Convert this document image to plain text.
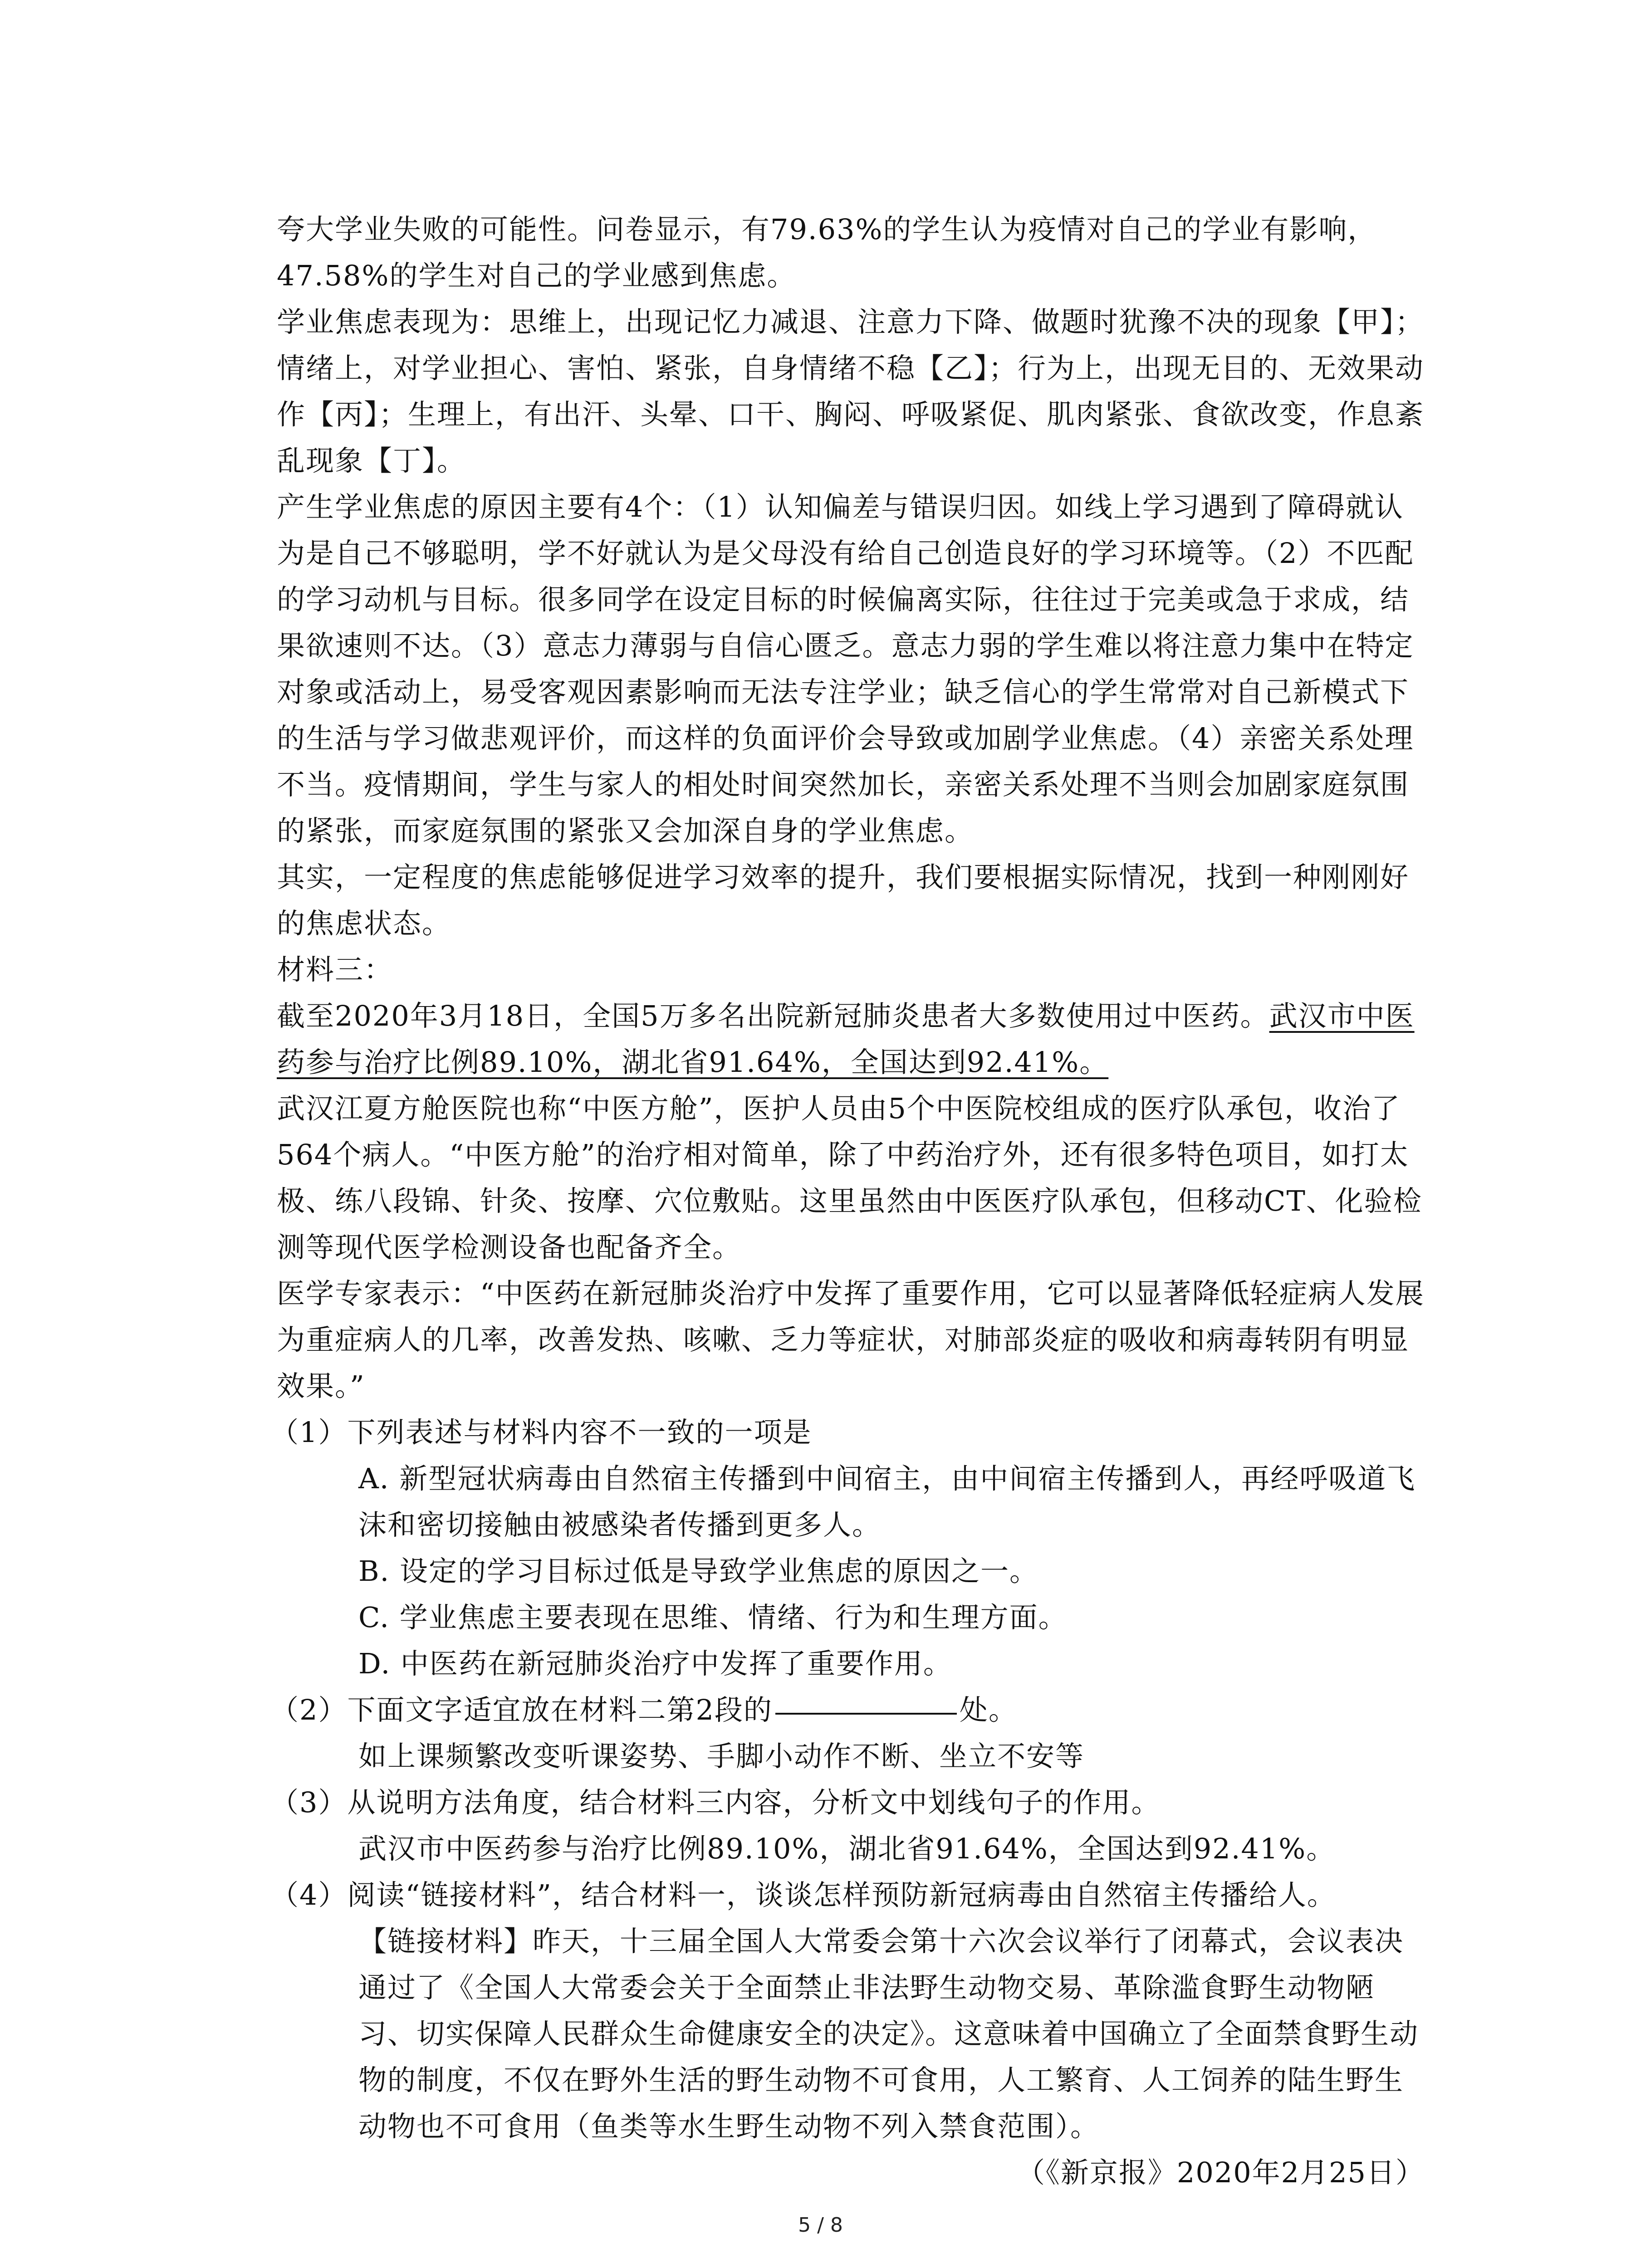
夸大学业失败的可能性。问卷显示，有79.63%的学生认为疫情对自己的学业有影响，47.58%的学生对自己的学业感到焦虑。

学业焦虑表现为：思维上，出现记忆力减退、注意力下降、做题时犹豫不决的现象【甲】；情绪上，对学业担心、害怕、紧张，自身情绪不稳【乙】；行为上，出现无目的、无效果动作【丙】；生理上，有出汗、头晕、口干、胸闷、呼吸紧促、肌肉紧张、食欲改变，作息紊乱现象【丁】。

产生学业焦虑的原因主要有4个：（1）认知偏差与错误归因。如线上学习遇到了障碍就认为是自己不够聪明，学不好就认为是父母没有给自己创造良好的学习环境等。（2）不匹配的学习动机与目标。很多同学在设定目标的时候偏离实际，往往过于完美或急于求成，结果欲速则不达。（3）意志力薄弱与自信心匮乏。意志力弱的学生难以将注意力集中在特定对象或活动上，易受客观因素影响而无法专注学业；缺乏信心的学生常常对自己新模式下的生活与学习做悲观评价，而这样的负面评价会导致或加剧学业焦虑。（4）亲密关系处理不当。疫情期间，学生与家人的相处时间突然加长，亲密关系处理不当则会加剧家庭氛围的紧张，而家庭氛围的紧张又会加深自身的学业焦虑。

其实，一定程度的焦虑能够促进学习效率的提升，我们要根据实际情况，找到一种刚刚好的焦虑状态。

材料三：

截至2020年3月18日，全国5万多名出院新冠肺炎患者大多数使用过中医药。武汉市中医药参与治疗比例89.10%，湖北省91.64%，全国达到92.41%。

武汉江夏方舱医院也称“中医方舱”，医护人员由5个中医院校组成的医疗队承包，收治了564个病人。“中医方舱”的治疗相对简单，除了中药治疗外，还有很多特色项目，如打太极、练八段锦、针灸、按摩、穴位敷贴。这里虽然由中医医疗队承包，但移动CT、化验检测等现代医学检测设备也配备齐全。

医学专家表示：“中医药在新冠肺炎治疗中发挥了重要作用，它可以显著降低轻症病人发展为重症病人的几率，改善发热、咳嗽、乏力等症状，对肺部炎症的吸收和病毒转阴有明显效果。”

（1）下列表述与材料内容不一致的一项是

A. 新型冠状病毒由自然宿主传播到中间宿主，由中间宿主传播到人，再经呼吸道飞沫和密切接触由被感染者传播到更多人。

B. 设定的学习目标过低是导致学业焦虑的原因之一。

C. 学业焦虑主要表现在思维、情绪、行为和生理方面。

D. 中医药在新冠肺炎治疗中发挥了重要作用。

（2）下面文字适宜放在材料二第2段的	处。

如上课频繁改变听课姿势、手脚小动作不断、坐立不安等

（3）从说明方法角度，结合材料三内容，分析文中划线句子的作用。

武汉市中医药参与治疗比例89.10%，湖北省91.64%，全国达到92.41%。

（4）阅读“链接材料”，结合材料一，谈谈怎样预防新冠病毒由自然宿主传播给人。

【链接材料】昨天，十三届全国人大常委会第十六次会议举行了闭幕式，会议表决通过了《全国人大常委会关于全面禁止非法野生动物交易、革除滥食野生动物陋习、切实保障人民群众生命健康安全的决定》。这意味着中国确立了全面禁食野生动物的制度，不仅在野外生活的野生动物不可食用，人工繁育、人工饲养的陆生野生动物也不可食用（鱼类等水生野生动物不列入禁食范围）。

（《新京报》2020年2月25日）

5 / 8
